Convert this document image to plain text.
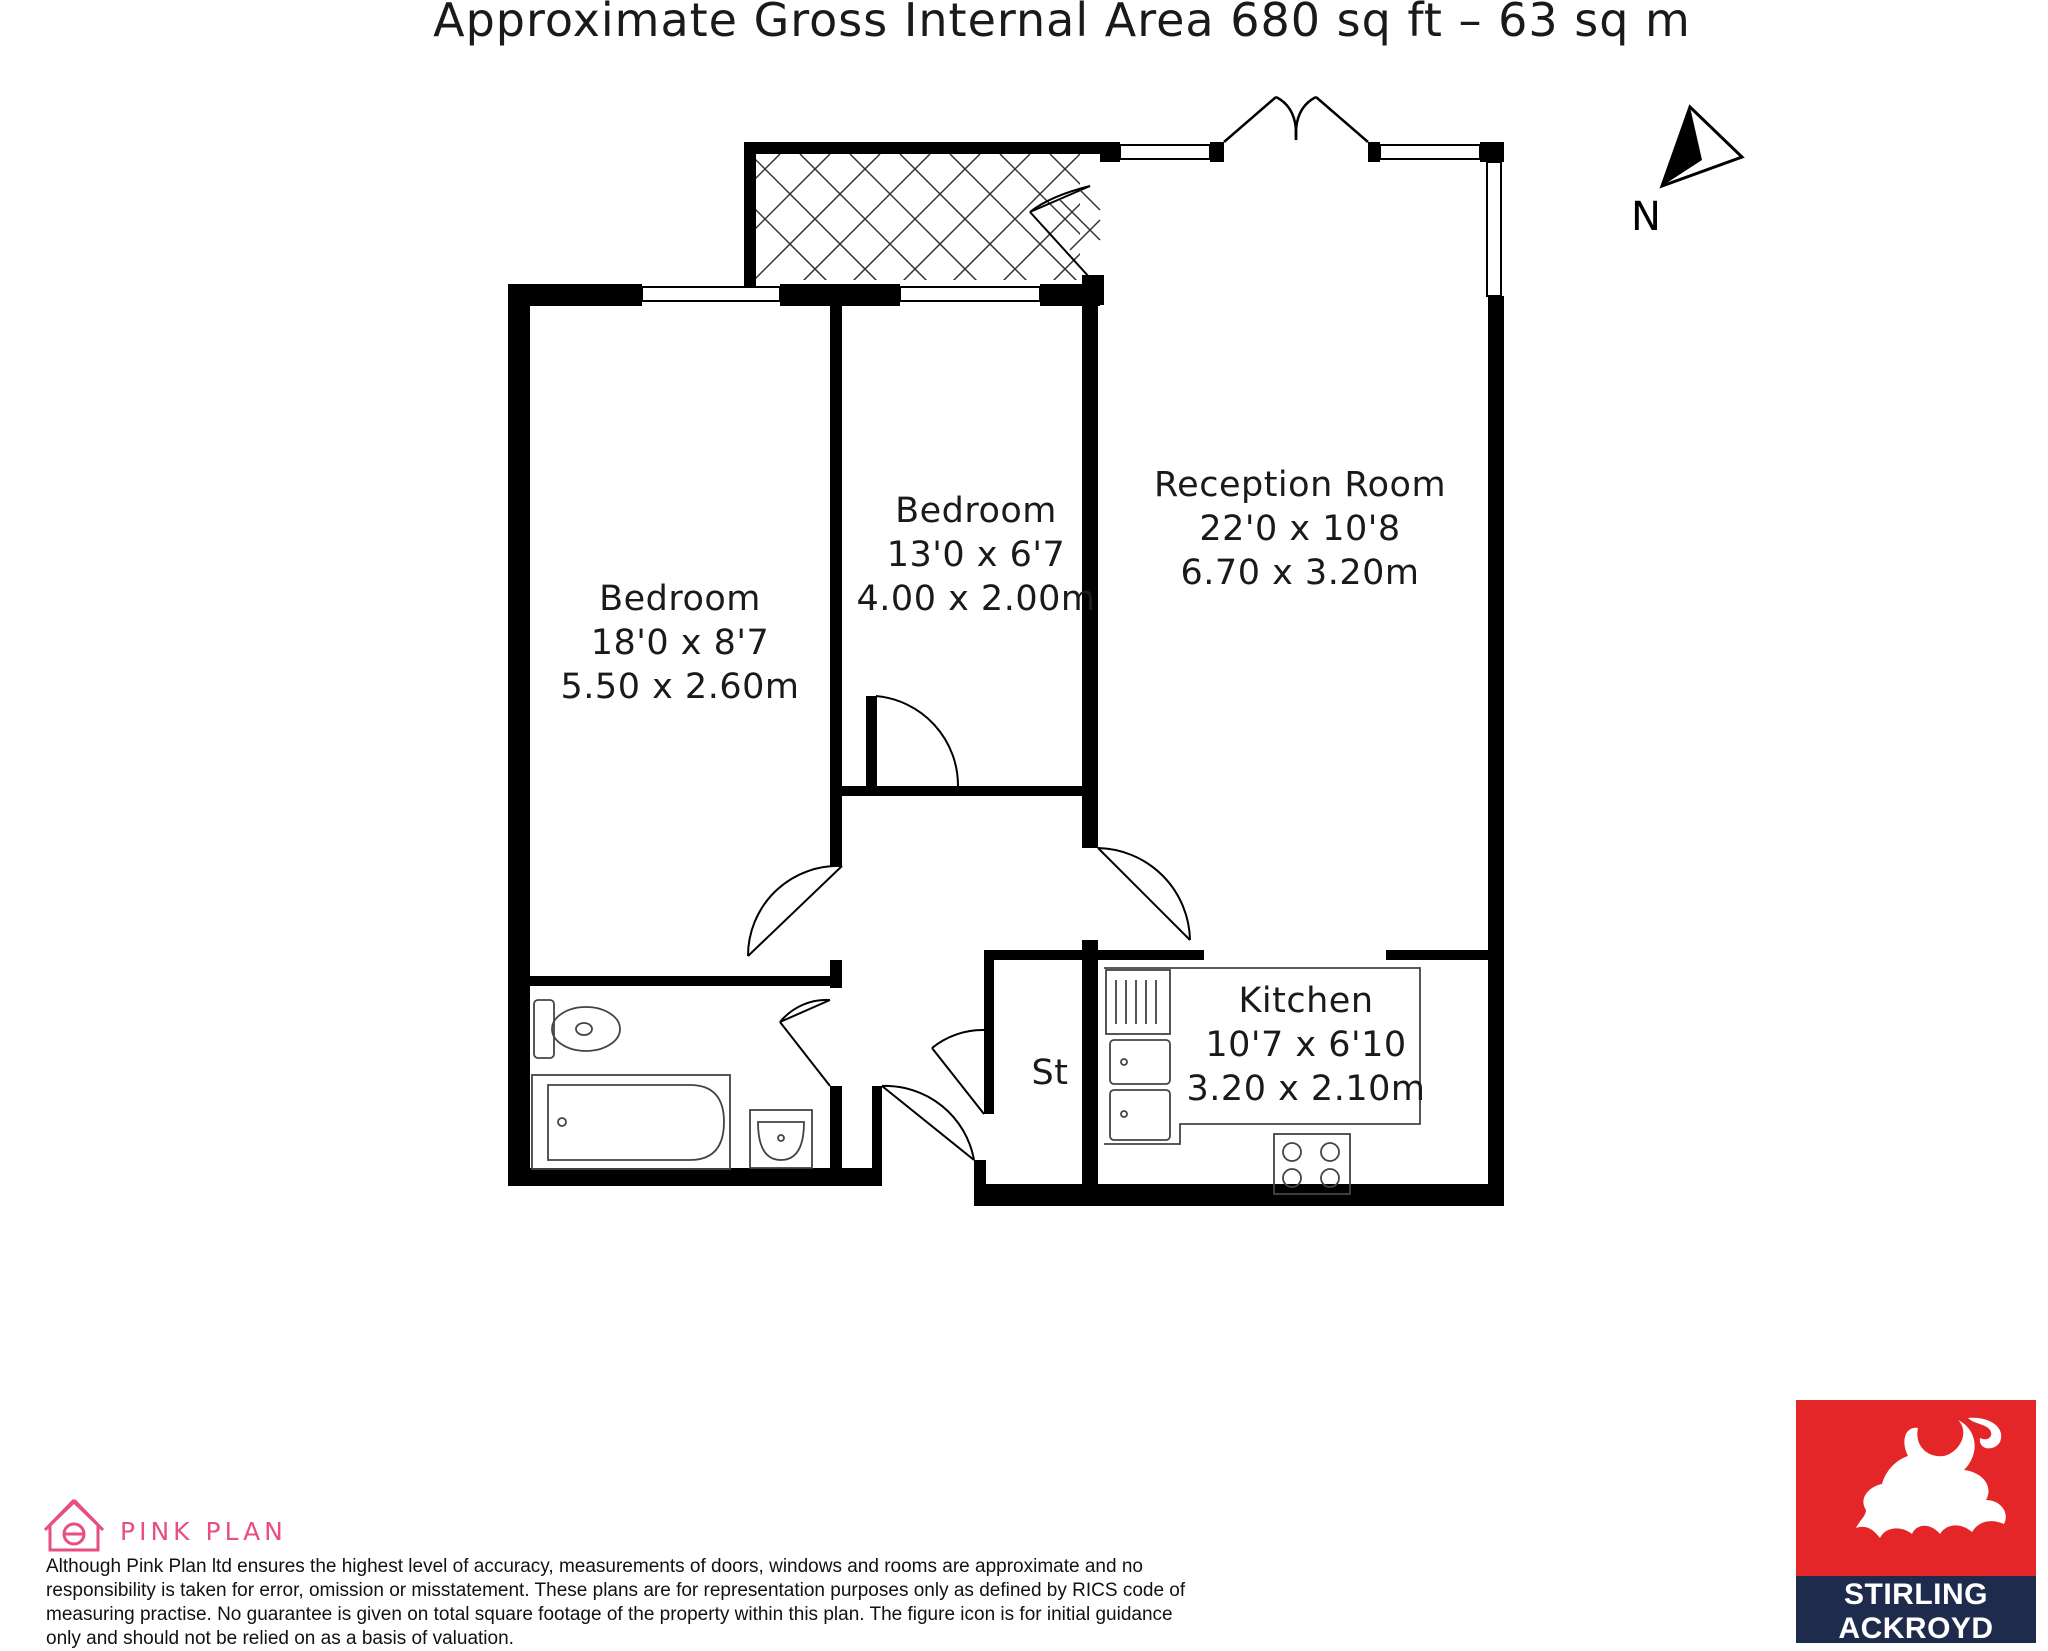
Approximate Gross Internal Area 680 sq ft – 63 sq m
Bedroom
18'0 x 8'7
5.50 x 2.60m
Bedroom
13'0 x 6'7
4.00 x 2.00m
Reception Room
22'0 x 10'8
6.70 x 3.20m
Kitchen
10'7 x 6'10
3.20 x 2.10m
St
N
PINK PLAN
STIRLING
ACKROYD
Although Pink Plan ltd ensures the highest level of accuracy, measurements of doors, windows and rooms are approximate and no responsibility is taken for error, omission or misstatement. These plans are for representation purposes only as defined by RICS code of measuring practise. No guarantee is given on total square footage of the property within this plan. The figure icon is for initial guidance only and should not be relied on as a basis of valuation.
